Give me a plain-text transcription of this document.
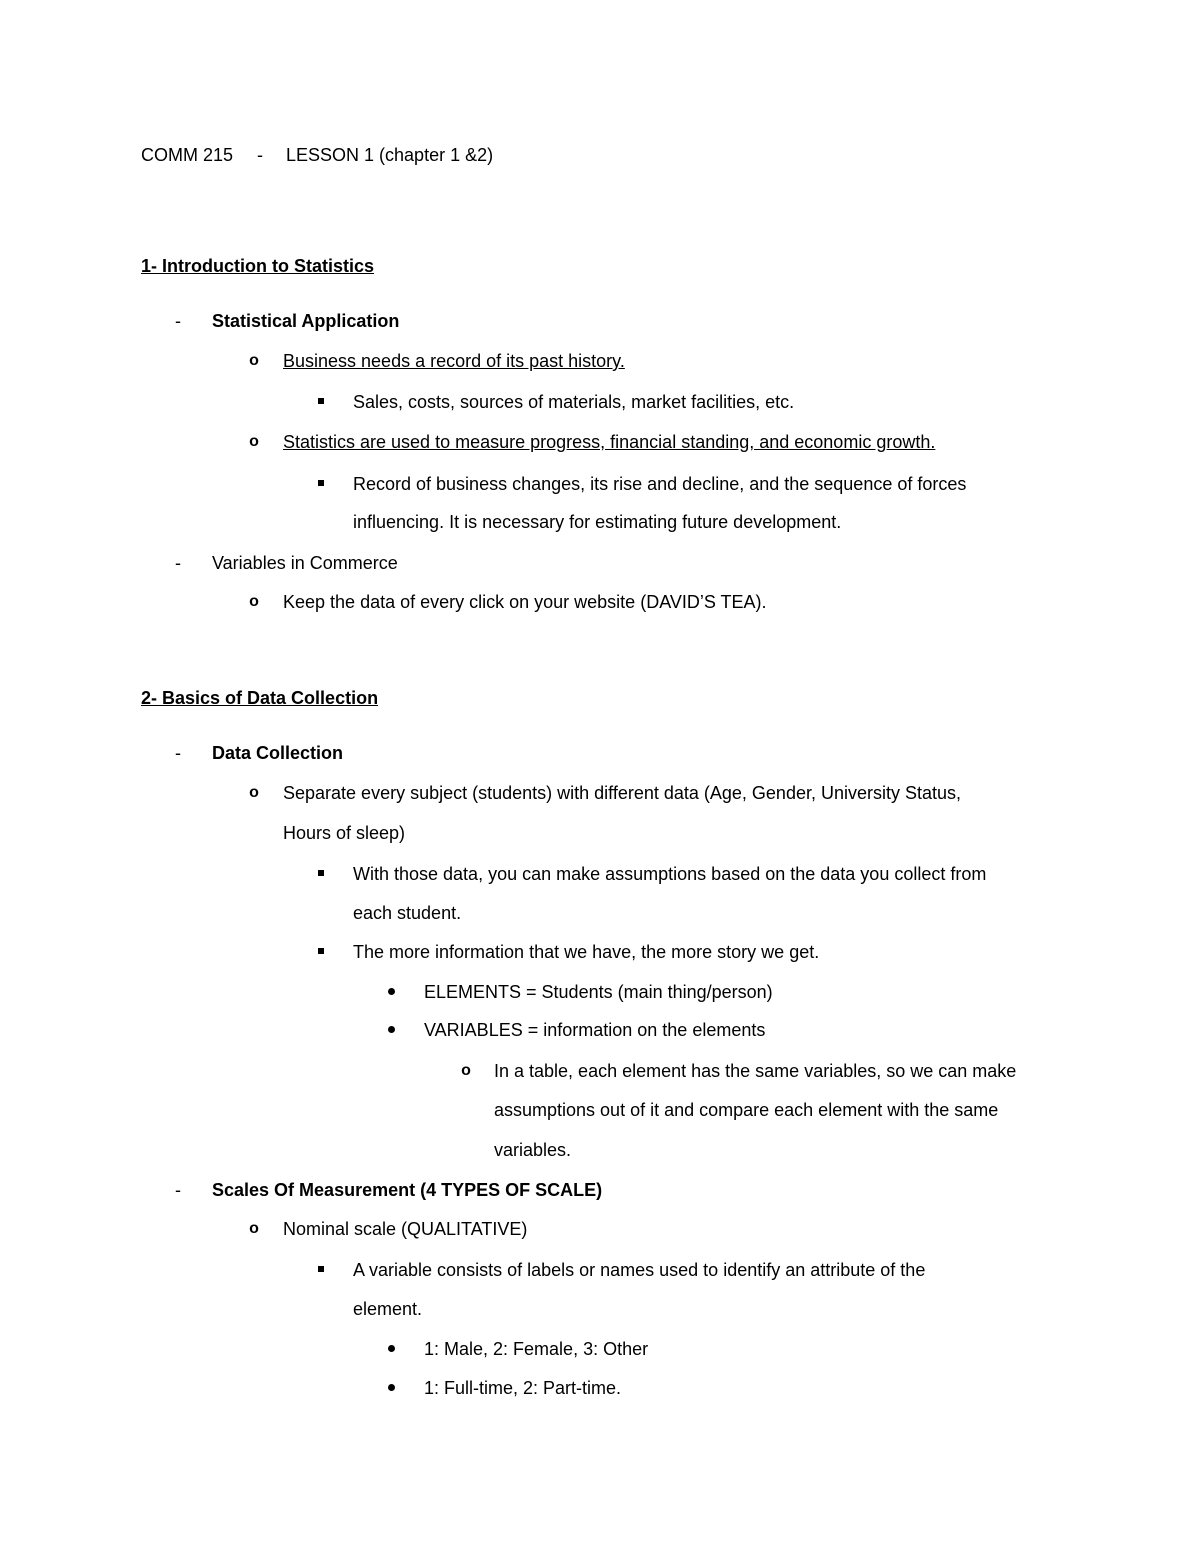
COMM 215 - LESSON 1 (chapter 1 &2)
1- Introduction to Statistics
- Statistical Application
o Business needs a record of its past history.
Sales, costs, sources of materials, market facilities, etc.
o Statistics are used to measure progress, financial standing, and economic growth.
Record of business changes, its rise and decline, and the sequence of forces
influencing. It is necessary for estimating future development.
- Variables in Commerce
o Keep the data of every click on your website (DAVID’S TEA).
2- Basics of Data Collection
- Data Collection
o Separate every subject (students) with different data (Age, Gender, University Status,
Hours of sleep)
With those data, you can make assumptions based on the data you collect from
each student.
The more information that we have, the more story we get.
ELEMENTS = Students (main thing/person)
VARIABLES = information on the elements
o In a table, each element has the same variables, so we can make
assumptions out of it and compare each element with the same
variables.
- Scales Of Measurement (4 TYPES OF SCALE)
o Nominal scale (QUALITATIVE)
A variable consists of labels or names used to identify an attribute of the
element.
1: Male, 2: Female, 3: Other
1: Full-time, 2: Part-time.
